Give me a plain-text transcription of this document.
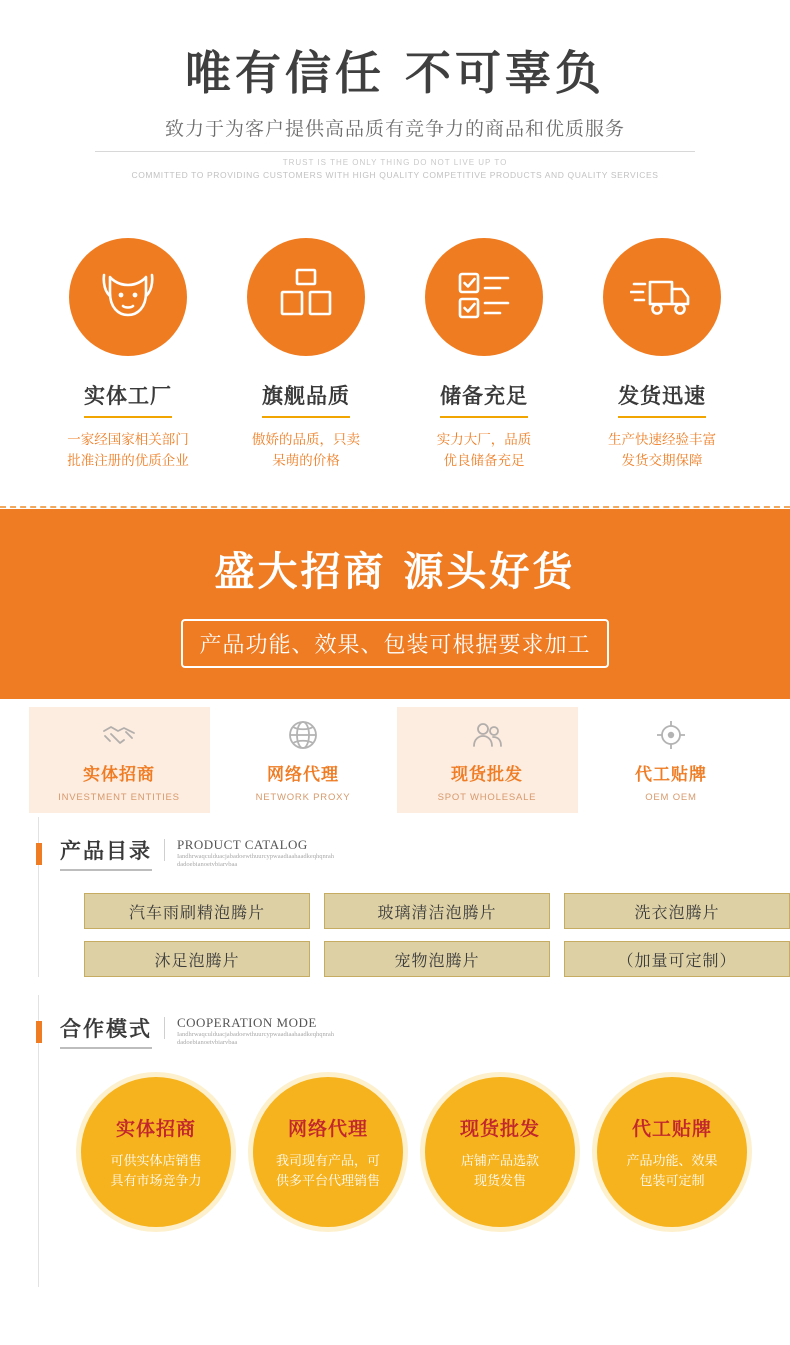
唯有信任 不可辜负
致力于为客户提供高品质有竞争力的商品和优质服务
TRUST IS THE ONLY THING DO NOT LIVE UP TO
COMMITTED TO PROVIDING CUSTOMERS WITH HIGH QUALITY COMPETITIVE PRODUCTS AND QUALITY SERVICES
实体工厂
一家经国家相关部门
批准注册的优质企业
旗舰品质
傲娇的品质，只卖
呆萌的价格
储备充足
实力大厂，品质
优良储备充足
发货迅速
生产快速经验丰富
发货交期保障
盛大招商 源头好货
产品功能、效果、包装可根据要求加工
实体招商
INVESTMENT ENTITIES
网络代理
NETWORK PROXY
现货批发
SPOT WHOLESALE
代工贴牌
OEM OEM
产品目录 PRODUCT CATALOG
Iandhrwaqculduacjabadoewthuurcypwaadiaahaadkeqhqnrahdadoebianoetvbiarvbaa
汽车雨刷精泡腾片	玻璃清洁泡腾片	洗衣泡腾片
沐足泡腾片	宠物泡腾片	（加量可定制）
合作模式 COOPERATION MODE
Iandhrwaqculduacjabadoewthuurcypwaadiaahaadkeqhqnrahdadoebianoetvbiarvbaa
实体招商
可供实体店销售
具有市场竞争力
网络代理
我司现有产品，可
供多平台代理销售
现货批发
店铺产品选款
现货发售
代工贴牌
产品功能、效果
包装可定制
